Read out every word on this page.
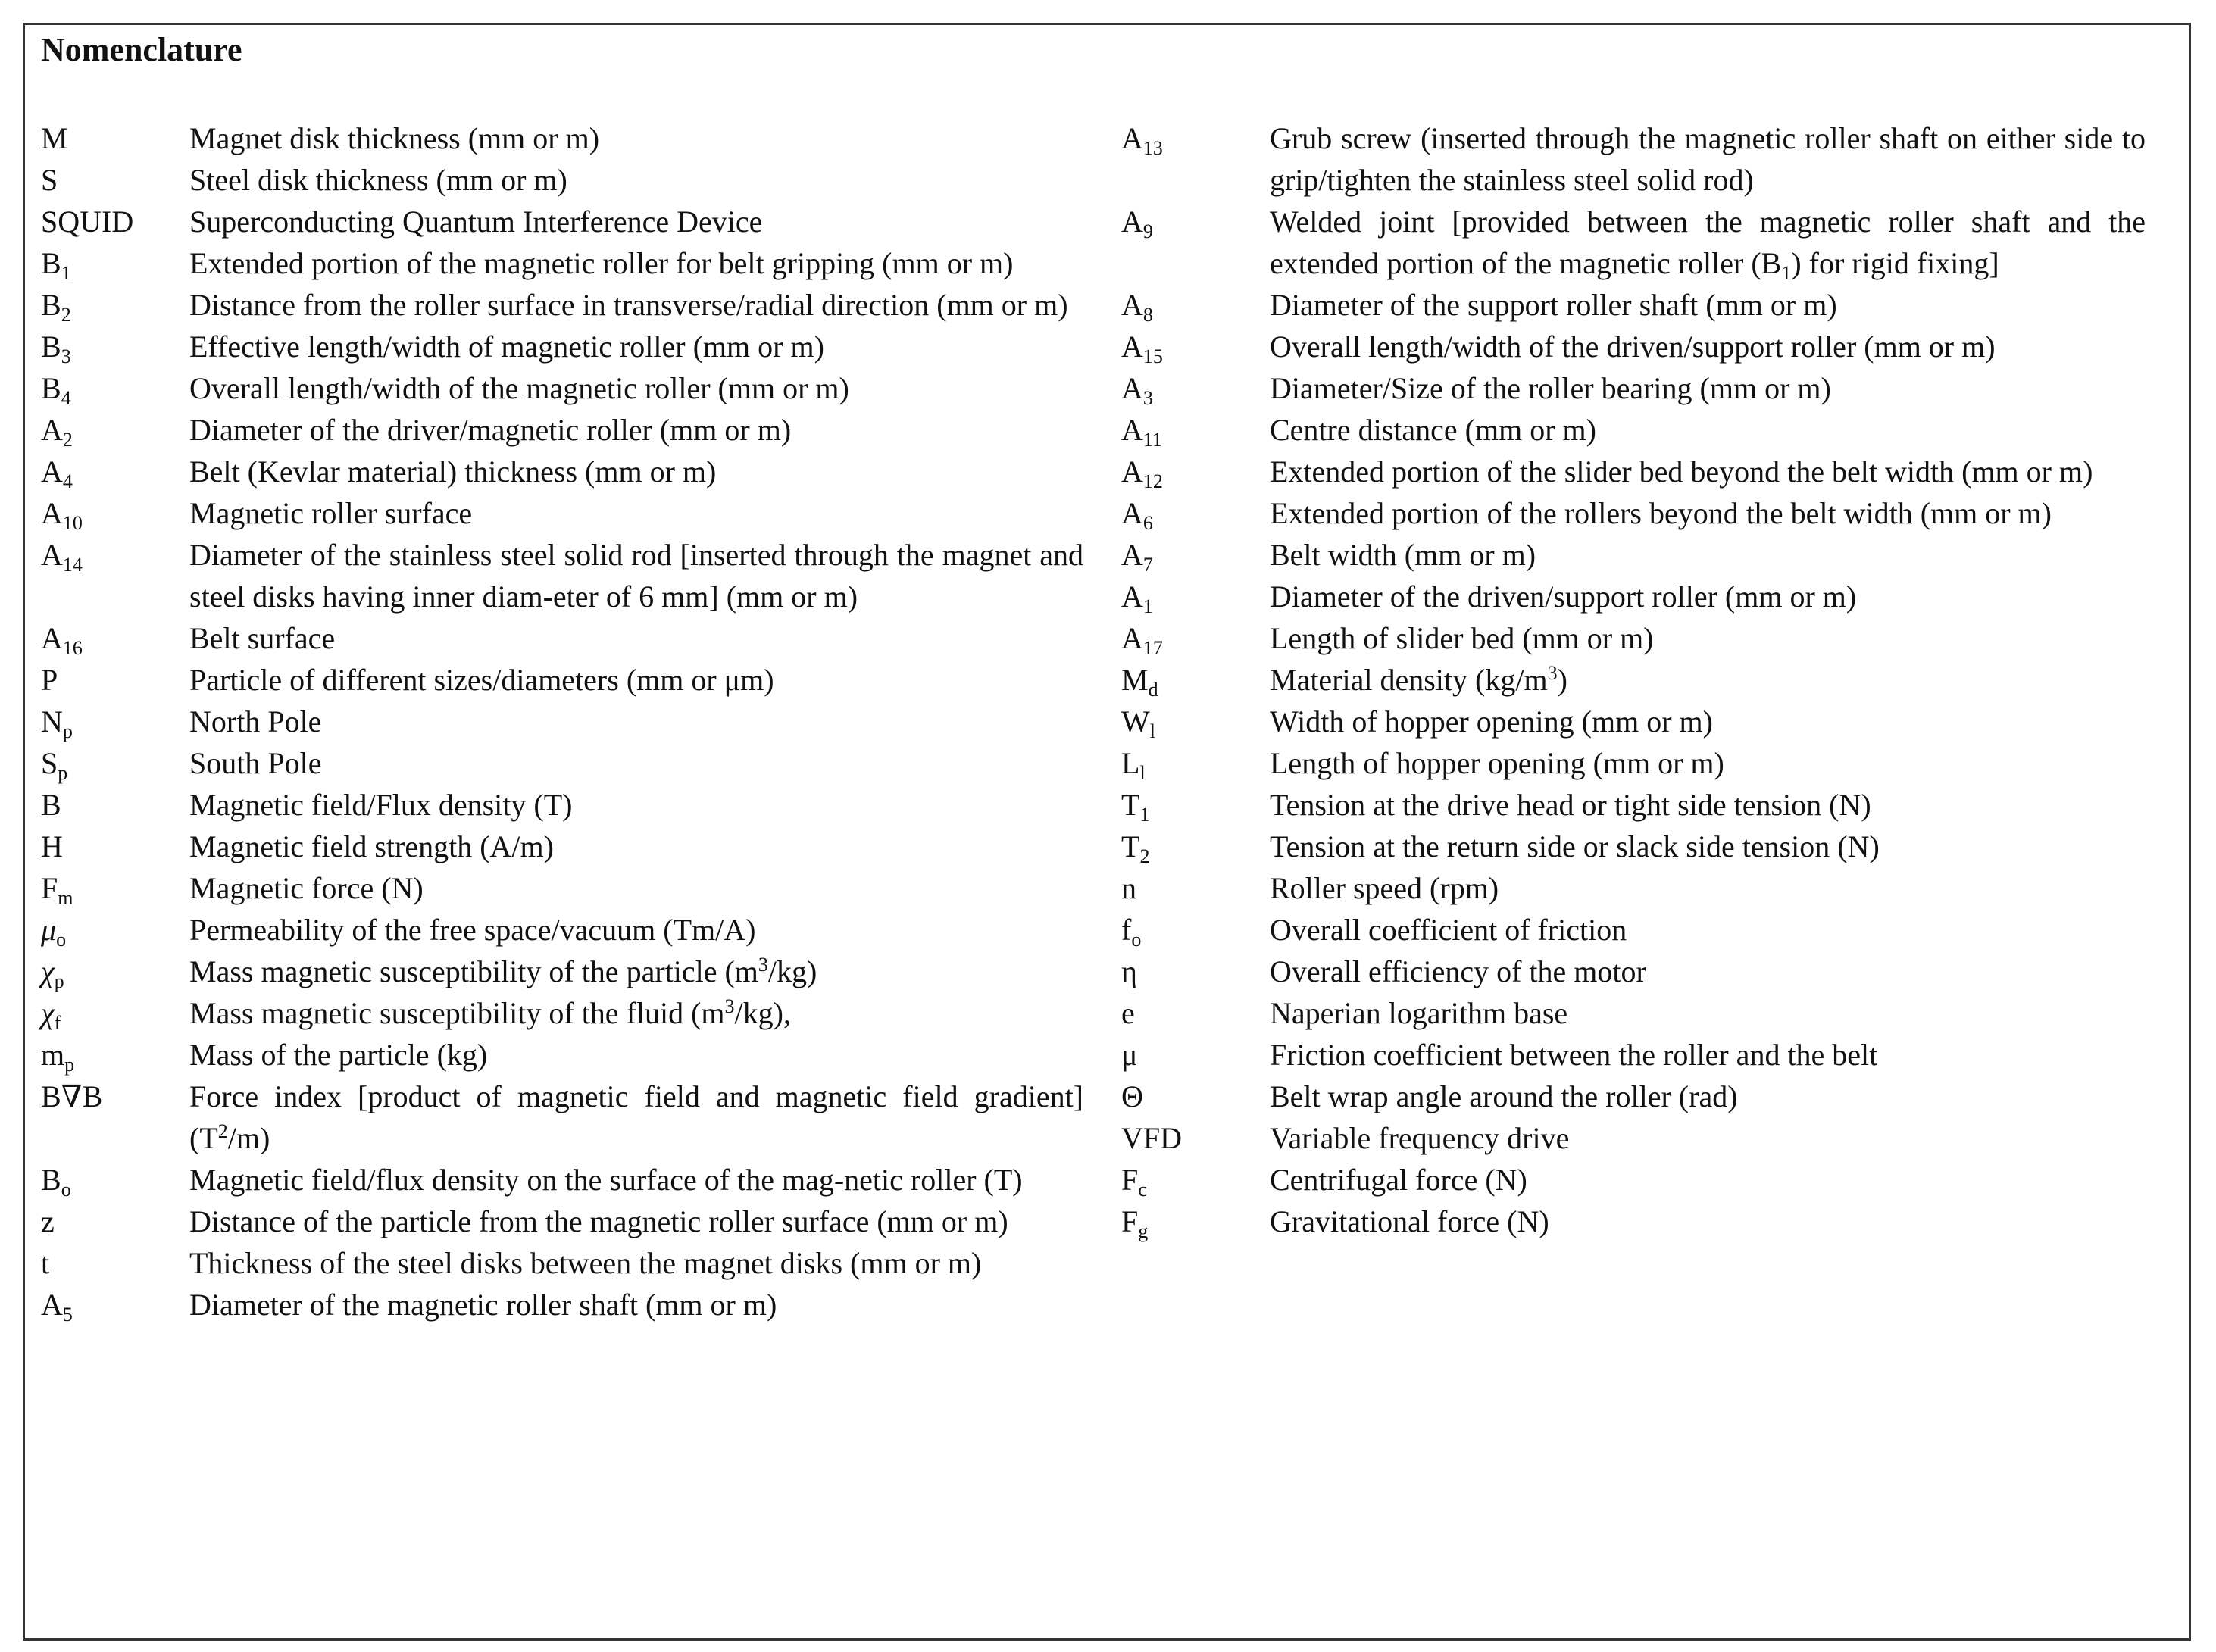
Nomenclature
M	Magnet disk thickness (mm or m)
S	Steel disk thickness (mm or m)
SQUID	Superconducting Quantum Interference Device
$B_1$	Extended portion of the magnetic roller for belt gripping (mm or m)
$B_2$	Distance from the roller surface in transverse/radial direction (mm or m)
$B_3$	Effective length/width of magnetic roller (mm or m)
$B_4$	Overall length/width of the magnetic roller (mm or m)
$A_2$	Diameter of the driver/magnetic roller (mm or m)
$A_4$	Belt (Kevlar material) thickness (mm or m)
$A_{10}$	Magnetic roller surface
$A_{14}$	Diameter of the stainless steel solid rod [inserted through the magnet and steel disks having inner diam-eter of 6 mm] (mm or m)
$A_{16}$	Belt surface
P	Particle of different sizes/diameters (mm or μm)
$N_p$	North Pole
$S_p$	South Pole
B	Magnetic field/Flux density (T)
H	Magnetic field strength (A/m)
$F_m$	Magnetic force (N)
$\mu_o$	Permeability of the free space/vacuum (Tm/A)
$\chi_p$	Mass magnetic susceptibility of the particle $(m^3/kg)$
$\chi_f$	Mass magnetic susceptibility of the fluid $(m^3/kg)$,
$m_p$	Mass of the particle (kg)
B∇B	Force index [product of magnetic field and magnetic field gradient] $(T^2/m)$
$B_o$	Magnetic field/flux density on the surface of the mag-netic roller (T)
z	Distance of the particle from the magnetic roller surface (mm or m)
t	Thickness of the steel disks between the magnet disks (mm or m)
$A_5$	Diameter of the magnetic roller shaft (mm or m)
$A_{13}$	Grub screw (inserted through the magnetic roller shaft on either side to grip/tighten the stainless steel solid rod)
$A_9$	Welded joint [provided between the magnetic roller shaft and the extended portion of the magnetic roller $(B_1)$ for rigid fixing]
$A_8$	Diameter of the support roller shaft (mm or m)
$A_{15}$	Overall length/width of the driven/support roller (mm or m)
$A_3$	Diameter/Size of the roller bearing (mm or m)
$A_{11}$	Centre distance (mm or m)
$A_{12}$	Extended portion of the slider bed beyond the belt width (mm or m)
$A_6$	Extended portion of the rollers beyond the belt width (mm or m)
$A_7$	Belt width (mm or m)
$A_1$	Diameter of the driven/support roller (mm or m)
$A_{17}$	Length of slider bed (mm or m)
$M_d$	Material density $(kg/m^3)$
$W_l$	Width of hopper opening (mm or m)
$L_l$	Length of hopper opening (mm or m)
$T_1$	Tension at the drive head or tight side tension (N)
$T_2$	Tension at the return side or slack side tension (N)
n	Roller speed (rpm)
$f_o$	Overall coefficient of friction
η	Overall efficiency of the motor
e	Naperian logarithm base
μ	Friction coefficient between the roller and the belt
Θ	Belt wrap angle around the roller (rad)
VFD	Variable frequency drive
$F_c$	Centrifugal force (N)
$F_g$	Gravitational force (N)
